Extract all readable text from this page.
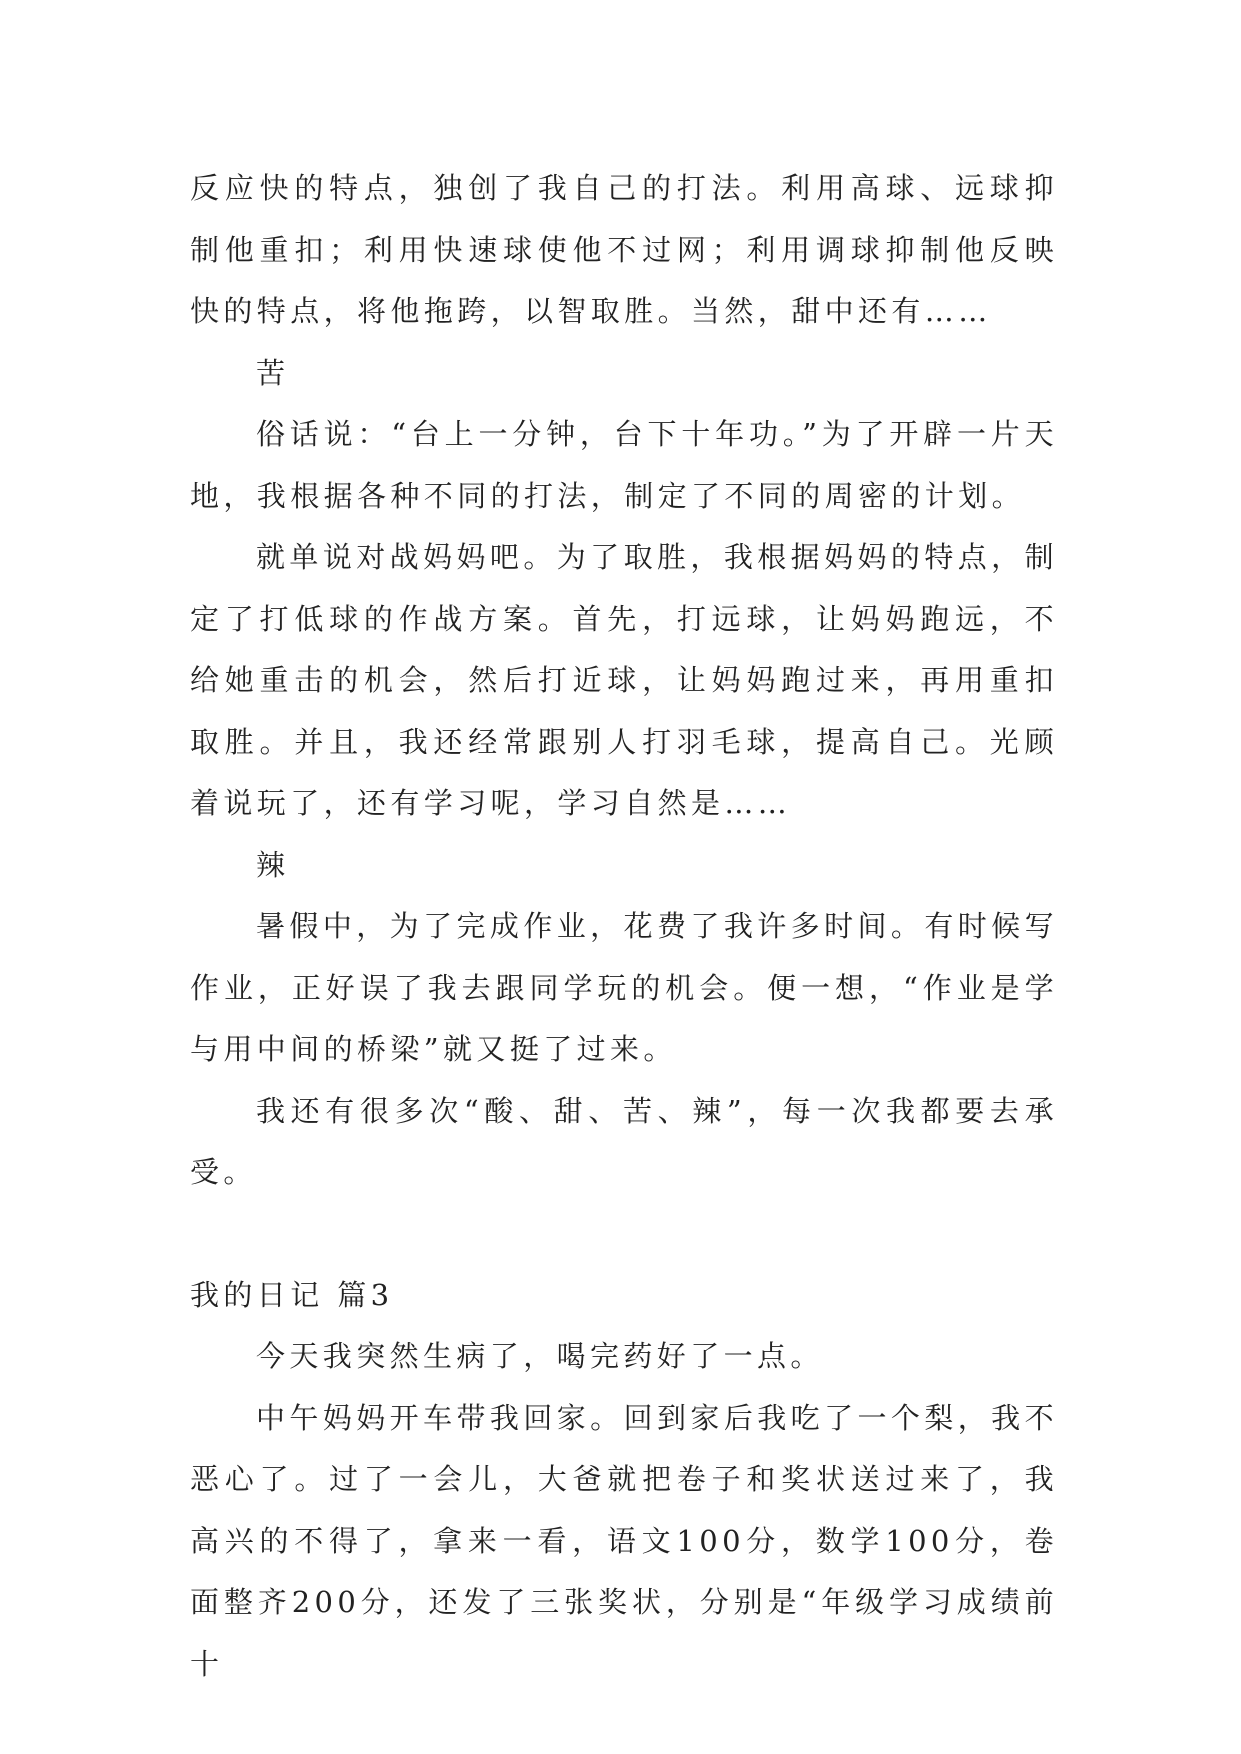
反应快的特点，独创了我自己的打法。利用高球、远球抑制他重扣；利用快速球使他不过网；利用调球抑制他反映快的特点，将他拖跨，以智取胜。当然，甜中还有……

苦

俗话说：“台上一分钟，台下十年功。”为了开辟一片天地，我根据各种不同的打法，制定了不同的周密的计划。

就单说对战妈妈吧。为了取胜，我根据妈妈的特点，制定了打低球的作战方案。首先，打远球，让妈妈跑远，不给她重击的机会，然后打近球，让妈妈跑过来，再用重扣取胜。并且，我还经常跟别人打羽毛球，提高自己。光顾着说玩了，还有学习呢，学习自然是……

辣

暑假中，为了完成作业，花费了我许多时间。有时候写作业，正好误了我去跟同学玩的机会。便一想，“作业是学与用中间的桥梁”就又挺了过来。

我还有很多次“酸、甜、苦、辣”，每一次我都要去承受。

我的日记 篇3

今天我突然生病了，喝完药好了一点。

中午妈妈开车带我回家。回到家后我吃了一个梨，我不恶心了。过了一会儿，大爸就把卷子和奖状送过来了，我高兴的不得了，拿来一看，语文100分，数学100分，卷面整齐200分，还发了三张奖状，分别是“年级学习成绩前十
